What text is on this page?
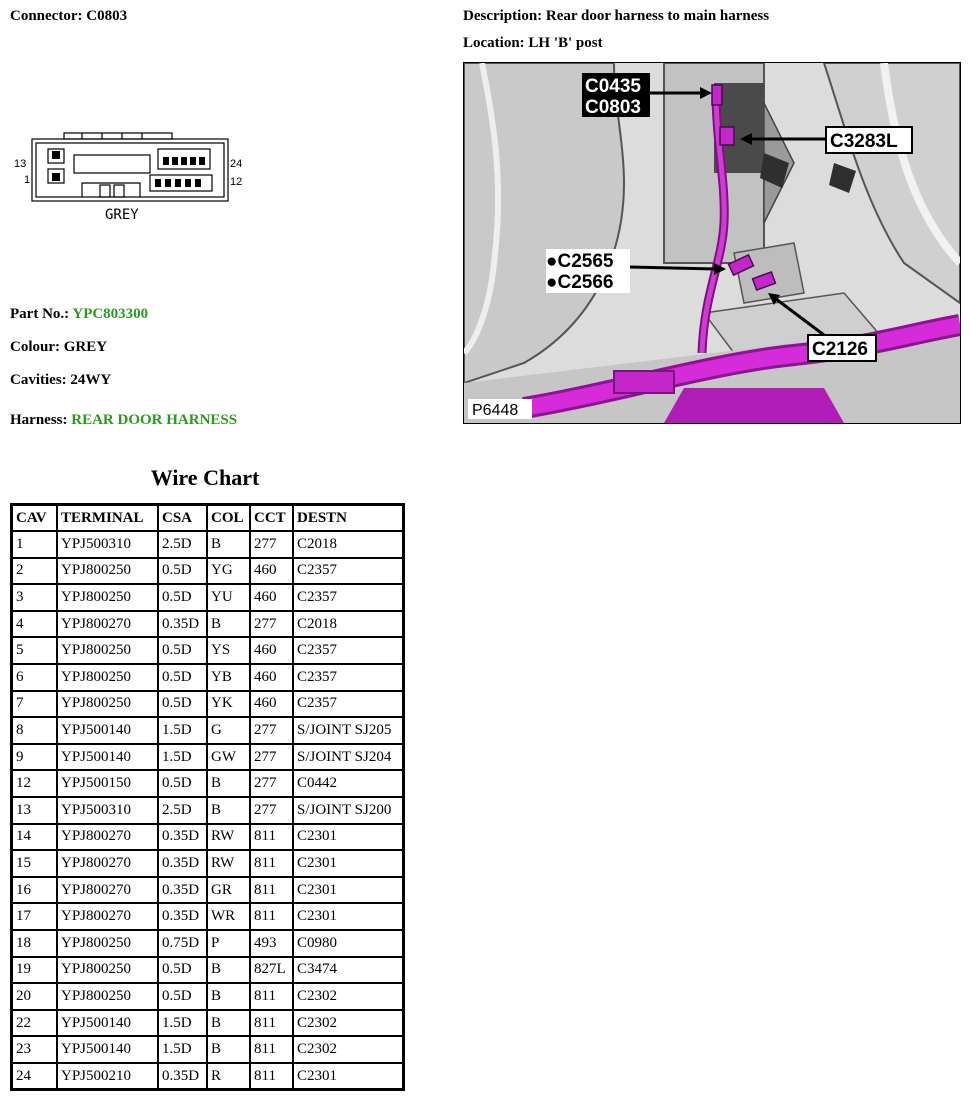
Connector: C0803	Description: Rear door harness to main harness
Location: LH 'B' post
13
1
24
12
GREY
Part No.: YPC803300
Colour: GREY
Cavities: 24WY
Harness: REAR DOOR HARNESS
C0435
C0803
C3283L
●C2565
●C2566
C2126
P6448
Wire Chart
CAV	TERMINAL	CSA	COL	CCT	DESTN
1	YPJ500310	2.5D	B	277	C2018
2	YPJ800250	0.5D	YG	460	C2357
3	YPJ800250	0.5D	YU	460	C2357
4	YPJ800270	0.35D	B	277	C2018
5	YPJ800250	0.5D	YS	460	C2357
6	YPJ800250	0.5D	YB	460	C2357
7	YPJ800250	0.5D	YK	460	C2357
8	YPJ500140	1.5D	G	277	S/JOINT SJ205
9	YPJ500140	1.5D	GW	277	S/JOINT SJ204
12	YPJ500150	0.5D	B	277	C0442
13	YPJ500310	2.5D	B	277	S/JOINT SJ200
14	YPJ800270	0.35D	RW	811	C2301
15	YPJ800270	0.35D	RW	811	C2301
16	YPJ800270	0.35D	GR	811	C2301
17	YPJ800270	0.35D	WR	811	C2301
18	YPJ800250	0.75D	P	493	C0980
19	YPJ800250	0.5D	B	827L	C3474
20	YPJ800250	0.5D	B	811	C2302
22	YPJ500140	1.5D	B	811	C2302
23	YPJ500140	1.5D	B	811	C2302
24	YPJ500210	0.35D	R	811	C2301
